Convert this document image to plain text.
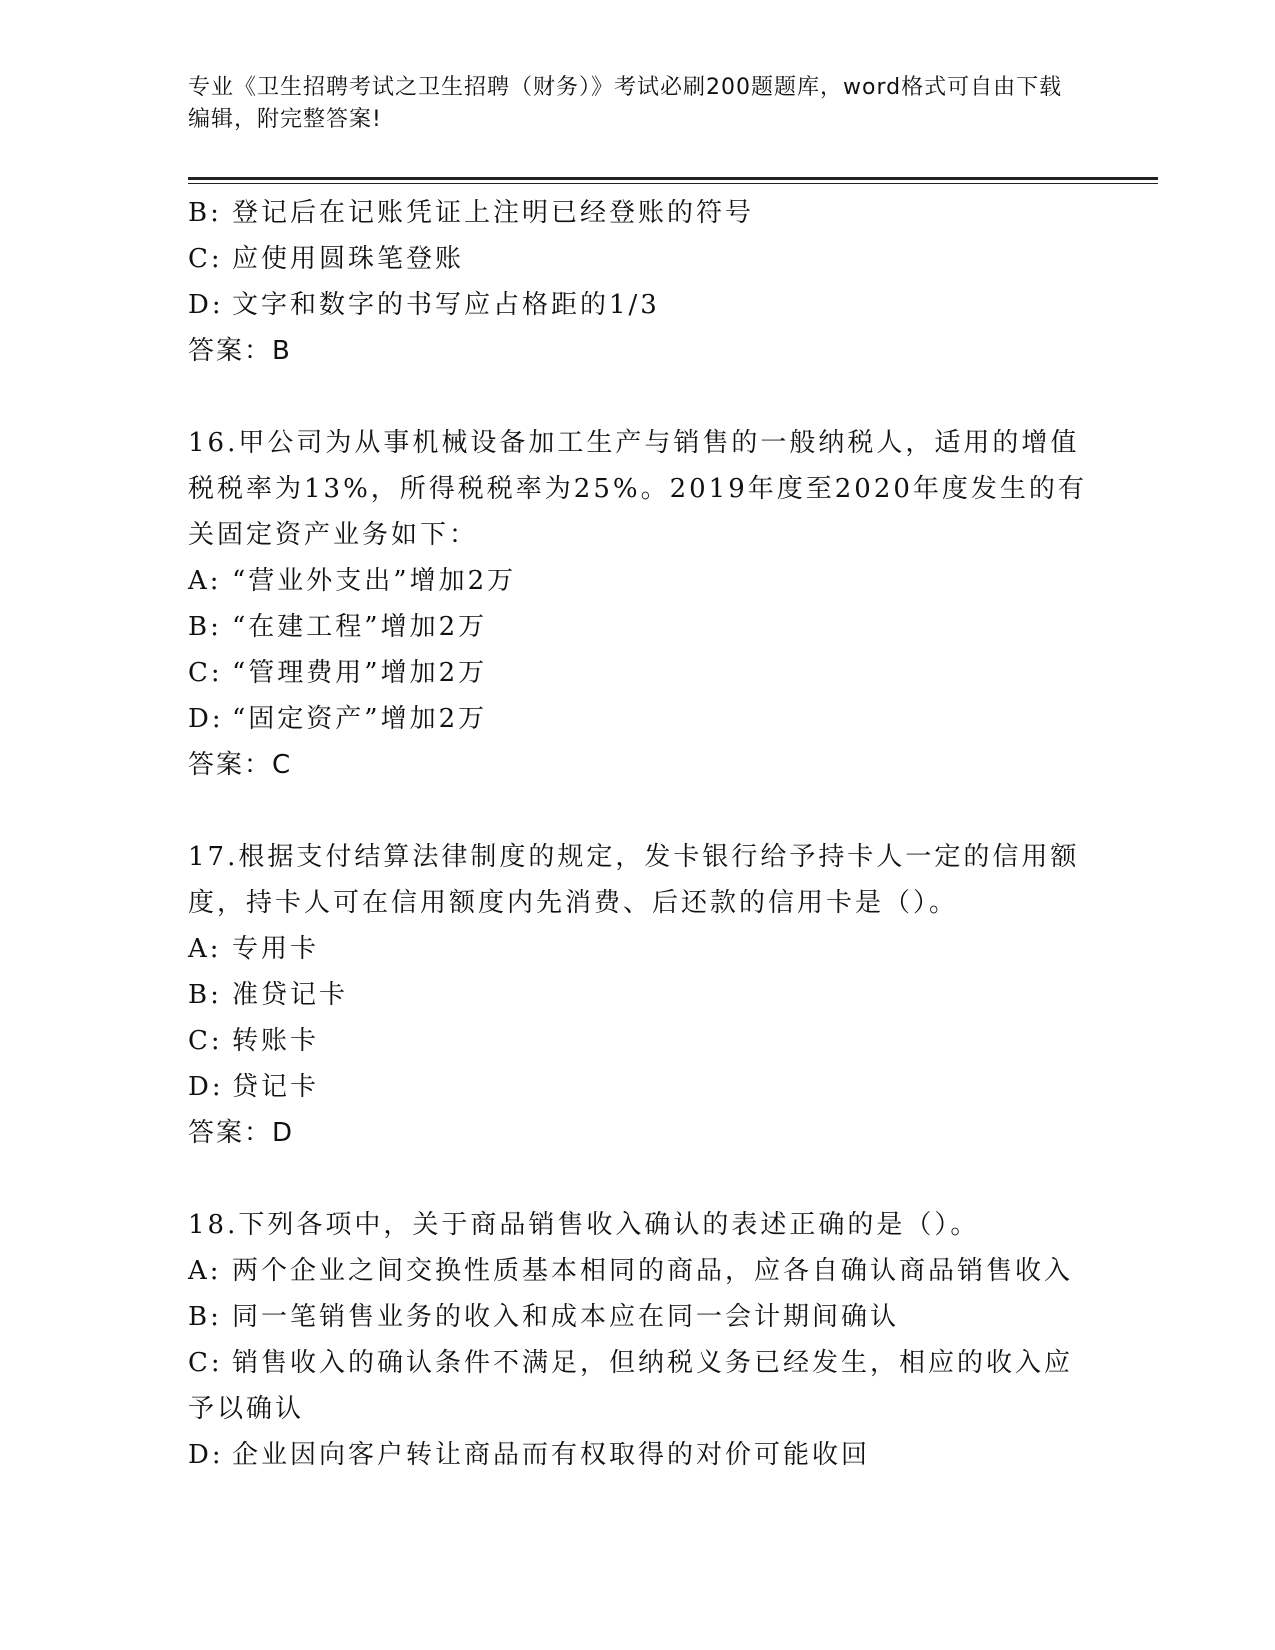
专业《卫生招聘考试之卫生招聘（财务）》考试必刷200题题库，word格式可自由下载编辑，附完整答案!
B: 登记后在记账凭证上注明已经登账的符号
C: 应使用圆珠笔登账
D: 文字和数字的书写应占格距的1/3
答案：B
16.甲公司为从事机械设备加工生产与销售的一般纳税人，适用的增值税税率为13%，所得税税率为25%。2019年度至2020年度发生的有关固定资产业务如下：
A: “营业外支出”增加2万
B: “在建工程”增加2万
C: “管理费用”增加2万
D: “固定资产”增加2万
答案：C
17.根据支付结算法律制度的规定，发卡银行给予持卡人一定的信用额度，持卡人可在信用额度内先消费、后还款的信用卡是（）。
A: 专用卡
B: 准贷记卡
C: 转账卡
D: 贷记卡
答案：D
18.下列各项中，关于商品销售收入确认的表述正确的是（）。
A: 两个企业之间交换性质基本相同的商品，应各自确认商品销售收入
B: 同一笔销售业务的收入和成本应在同一会计期间确认
C: 销售收入的确认条件不满足，但纳税义务已经发生，相应的收入应予以确认
D: 企业因向客户转让商品而有权取得的对价可能收回
